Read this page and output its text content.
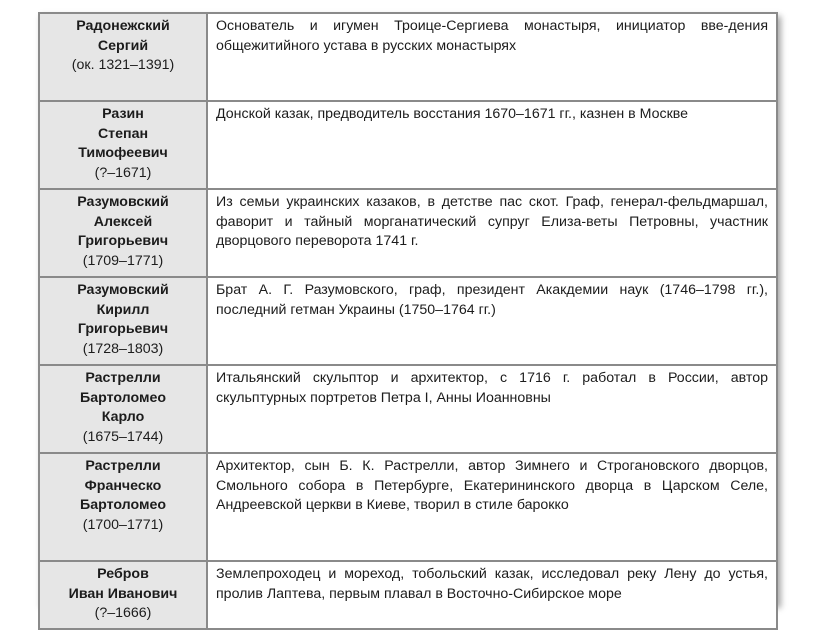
Радонежский
Сергий
(ок. 1321–1391)	Основатель и игумен Троице-Сергиева монастыря, инициатор вве-дения общежитийного устава в русских монастырях

Разин
Степан
Тимофеевич
(?–1671)	Донской казак, предводитель восстания 1670–1671 гг., казнен в Москве

Разумовский
Алексей
Григорьевич
(1709–1771)	Из семьи украинских казаков, в детстве пас скот. Граф, генерал-фельдмаршал, фаворит и тайный морганатический супруг Елиза-веты Петровны, участник дворцового переворота 1741 г.

Разумовский
Кирилл
Григорьевич
(1728–1803)	Брат А. Г. Разумовского, граф, президент Акакдемии наук (1746–1798 гг.), последний гетман Украины (1750–1764 гг.)

Растрелли
Бартоломео
Карло
(1675–1744)	Итальянский скульптор и архитектор, с 1716 г. работал в России, автор скульптурных портретов Петра I, Анны Иоанновны

Растрелли
Франческо
Бартоломео
(1700–1771)	Архитектор, сын Б. К. Растрелли, автор Зимнего и Строгановского дворцов, Смольного собора в Петербурге, Екатерининского дворца в Царском Селе, Андреевской церкви в Киеве, творил в стиле барокко

Ребров
Иван Иванович
(?–1666)	Землепроходец и мореход, тобольский казак, исследовал реку Лену до устья, пролив Лаптева, первым плавал в Восточно-Сибирское море
